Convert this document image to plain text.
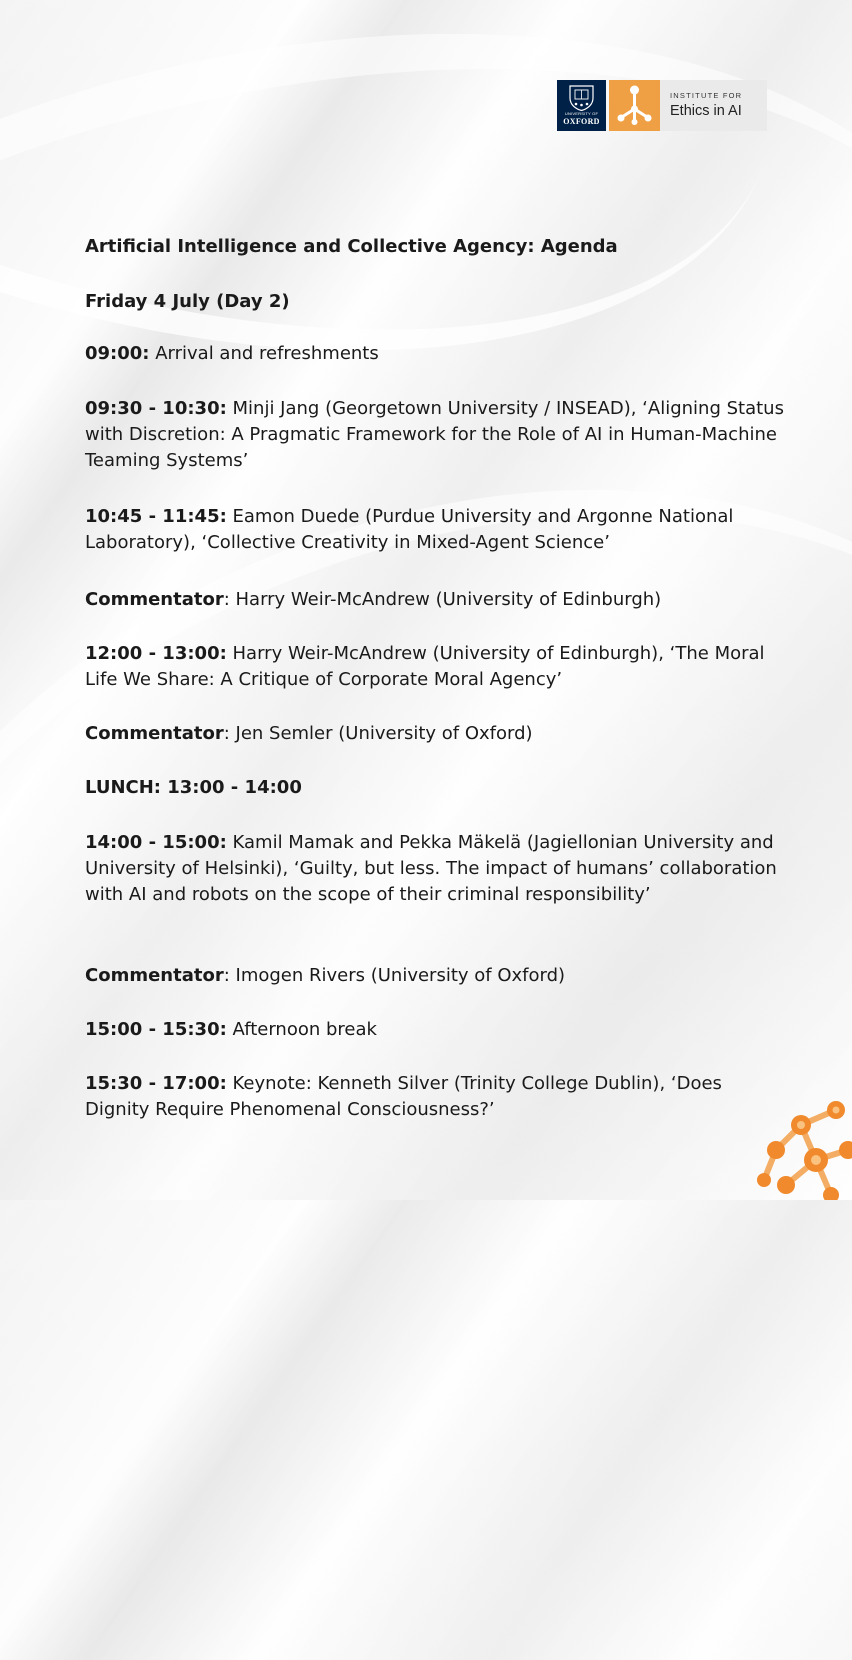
UNIVERSITY OF
OXFORD
INSTITUTE FOR
Ethics in AI
Artificial Intelligence and Collective Agency: Agenda
Friday 4 July (Day 2)
09:00: Arrival and refreshments
09:30 - 10:30: Minji Jang (Georgetown University / INSEAD), ‘Aligning Status with Discretion: A Pragmatic Framework for the Role of AI in Human-Machine Teaming Systems’
10:45 - 11:45: Eamon Duede (Purdue University and Argonne National Laboratory), ‘Collective Creativity in Mixed-Agent Science’
Commentator: Harry Weir-McAndrew (University of Edinburgh)
12:00 - 13:00: Harry Weir-McAndrew (University of Edinburgh), ‘The Moral Life We Share: A Critique of Corporate Moral Agency’
Commentator: Jen Semler (University of Oxford)
LUNCH: 13:00 - 14:00
14:00 - 15:00: Kamil Mamak and Pekka Mäkelä (Jagiellonian University and University of Helsinki), ‘Guilty, but less. The impact of humans’ collaboration with AI and robots on the scope of their criminal responsibility’
Commentator: Imogen Rivers (University of Oxford)
15:00 - 15:30: Afternoon break
15:30 - 17:00: Keynote: Kenneth Silver (Trinity College Dublin), ‘Does Dignity Require Phenomenal Consciousness?’
